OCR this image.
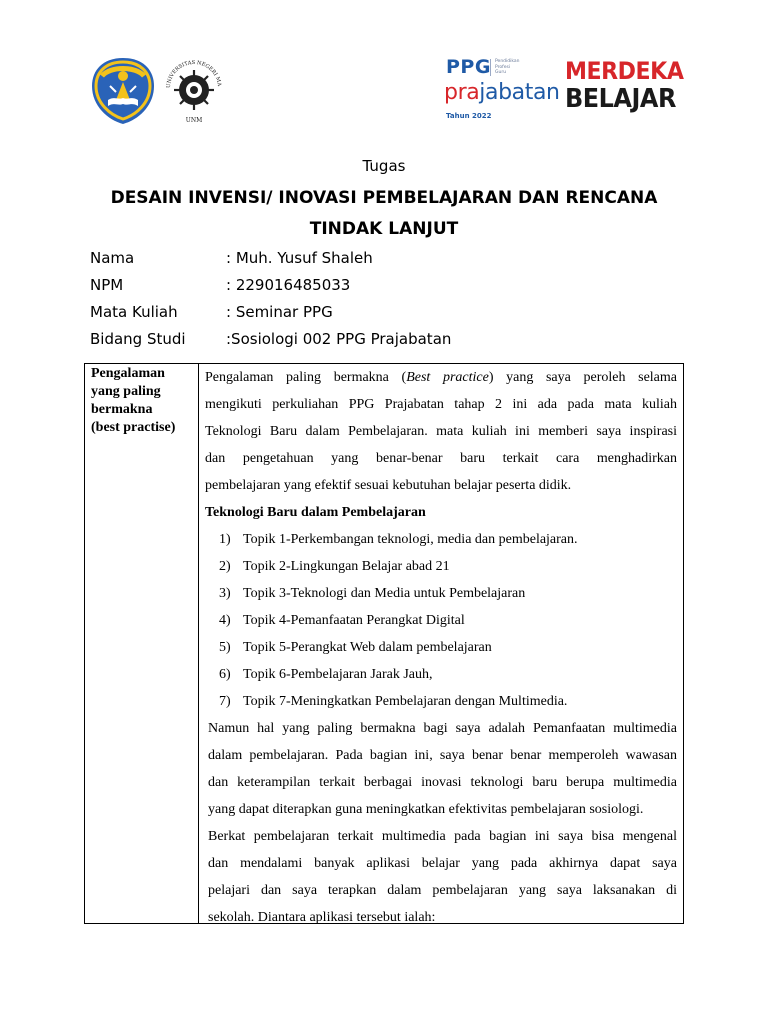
UNIVERSITAS NEGERI MA
UNM
PPG Pendidikan
Profesi
Guru
prajabatan
Tahun 2022
MERDEKA
BELAJAR
Tugas
DESAIN INVENSI/ INOVASI PEMBELAJARAN DAN RENCANA
TINDAK LANJUT
Nama	: Muh. Yusuf Shaleh
NPM	: 229016485033
Mata Kuliah	: Seminar PPG
Bidang Studi	:Sosiologi 002 PPG Prajabatan
Pengalaman
yang paling
bermakna
(best practise)

Pengalaman paling bermakna (Best practice) yang saya peroleh selama

mengikuti perkuliahan PPG Prajabatan tahap 2 ini ada pada mata kuliah

Teknologi Baru dalam Pembelajaran. mata kuliah ini memberi saya inspirasi

dan pengetahuan yang benar-benar baru terkait cara menghadirkan

pembelajaran yang efektif sesuai kebutuhan belajar peserta didik.

Teknologi Baru dalam Pembelajaran

1) Topik 1-Perkembangan teknologi, media dan pembelajaran.
2) Topik 2-Lingkungan Belajar abad 21
3) Topik 3-Teknologi dan Media untuk Pembelajaran
4) Topik 4-Pemanfaatan Perangkat Digital
5) Topik 5-Perangkat Web dalam pembelajaran
6) Topik 6-Pembelajaran Jarak Jauh,
7) Topik 7-Meningkatkan Pembelajaran dengan Multimedia.

Namun hal yang paling bermakna bagi saya adalah Pemanfaatan multimedia

dalam pembelajaran. Pada bagian ini, saya benar benar memperoleh wawasan

dan keterampilan terkait berbagai inovasi teknologi baru berupa multimedia

yang dapat diterapkan guna meningkatkan efektivitas pembelajaran sosiologi.

Berkat pembelajaran terkait multimedia pada bagian ini saya bisa mengenal

dan mendalami banyak aplikasi belajar yang pada akhirnya dapat saya

pelajari dan saya terapkan dalam pembelajaran yang saya laksanakan di

sekolah. Diantara aplikasi tersebut ialah:
